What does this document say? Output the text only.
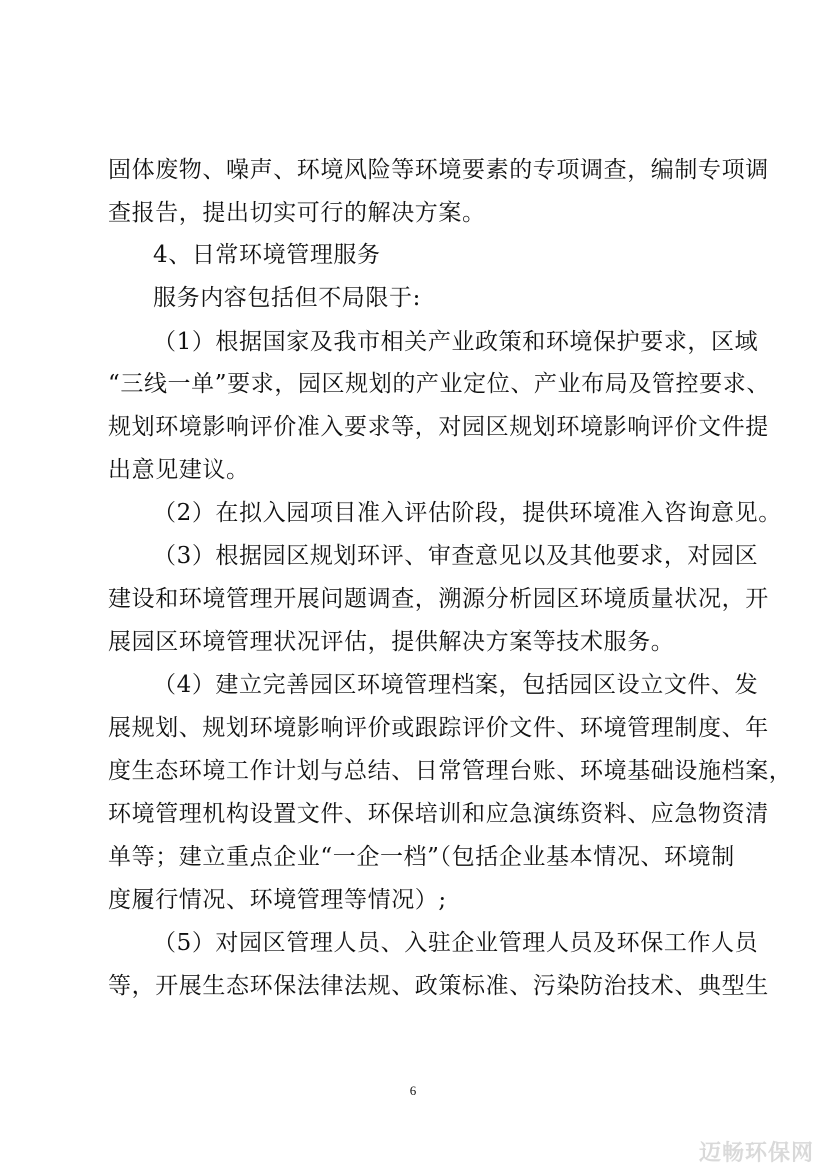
固体废物、噪声、环境风险等环境要素的专项调查，编制专项调
查报告，提出切实可行的解决方案。
4、日常环境管理服务
服务内容包括但不局限于:
（1）根据国家及我市相关产业政策和环境保护要求，区域
“三线一单”要求，园区规划的产业定位、产业布局及管控要求、
规划环境影响评价准入要求等，对园区规划环境影响评价文件提
出意见建议。
（2）在拟入园项目准入评估阶段，提供环境准入咨询意见。
（3）根据园区规划环评、审查意见以及其他要求，对园区
建设和环境管理开展问题调查，溯源分析园区环境质量状况，开
展园区环境管理状况评估，提供解决方案等技术服务。
（4）建立完善园区环境管理档案，包括园区设立文件、发
展规划、规划环境影响评价或跟踪评价文件、环境管理制度、年
度生态环境工作计划与总结、日常管理台账、环境基础设施档案，
环境管理机构设置文件、环保培训和应急演练资料、应急物资清
单等；建立重点企业“一企一档”（包括企业基本情况、环境制
度履行情况、环境管理等情况）;
（5）对园区管理人员、入驻企业管理人员及环保工作人员
等，开展生态环保法律法规、政策标准、污染防治技术、典型生
6
迈畅环保网
